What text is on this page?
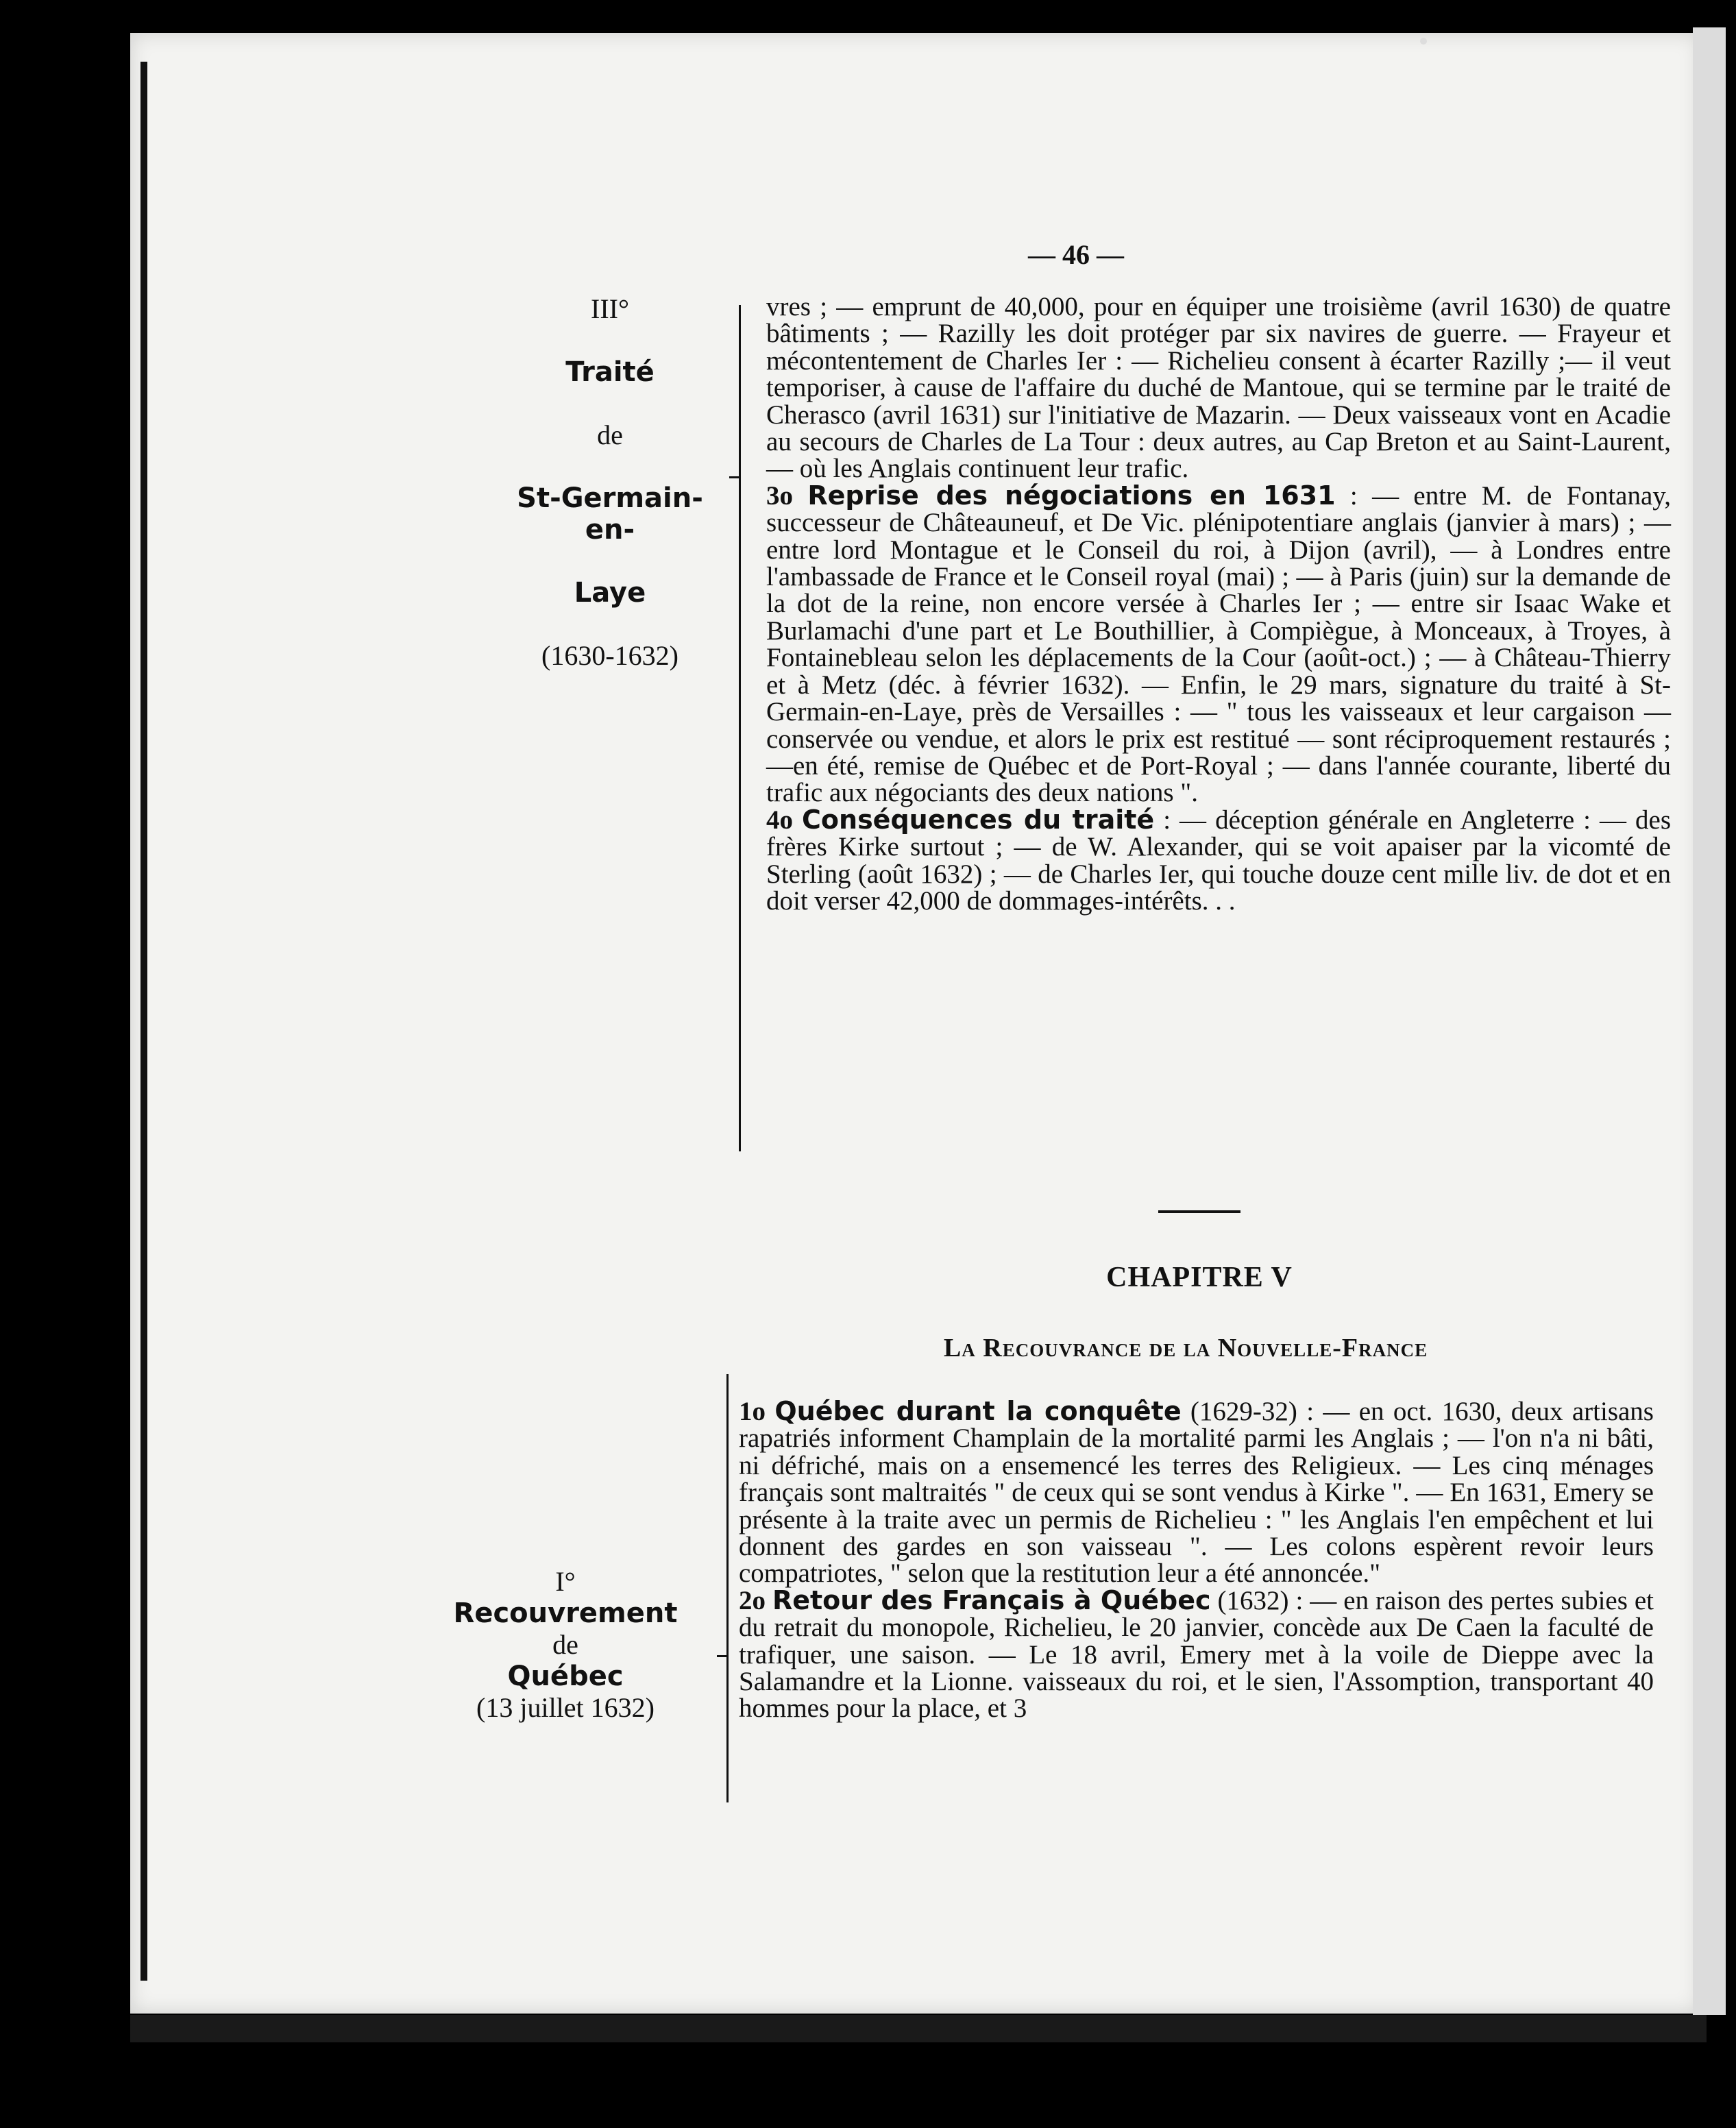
— 46 —
III°
Traité
de
St-Germain-en-
Laye
(1630-1632)

vres ; — emprunt de 40,000, pour en équiper une troisième (avril 1630) de quatre bâtiments ; — Razilly les doit protéger par six navires de guerre. — Frayeur et mécontentement de Charles Ier : — Richelieu consent à écarter Razilly ;— il veut temporiser, à cause de l'affaire du duché de Mantoue, qui se termine par le traité de Cherasco (avril 1631) sur l'initiative de Mazarin. — Deux vaisseaux vont en Acadie au secours de Charles de La Tour : deux autres, au Cap Breton et au Saint-Laurent, — où les Anglais continuent leur trafic.

3o Reprise des négociations en 1631 : — entre M. de Fontanay, successeur de Châteauneuf, et De Vic. plénipotentiare anglais (janvier à mars) ; — entre lord Montague et le Conseil du roi, à Dijon (avril), — à Londres entre l'ambassade de France et le Conseil royal (mai) ; — à Paris (juin) sur la demande de la dot de la reine, non encore versée à Charles Ier ; — entre sir Isaac Wake et Burlamachi d'une part et Le Bouthillier, à Compiègue, à Monceaux, à Troyes, à Fontainebleau selon les déplacements de la Cour (août-oct.) ; — à Château-Thierry et à Metz (déc. à février 1632). — Enfin, le 29 mars, signature du traité à St-Germain-en-Laye, près de Versailles : — " tous les vaisseaux et leur cargaison — conservée ou vendue, et alors le prix est restitué — sont réciproquement restaurés ;—en été, remise de Québec et de Port-Royal ; — dans l'année courante, liberté du trafic aux négociants des deux nations ".

4o Conséquences du traité : — déception générale en Angleterre : — des frères Kirke surtout ; — de W. Alexander, qui se voit apaiser par la vicomté de Sterling (août 1632) ; — de Charles Ier, qui touche douze cent mille liv. de dot et en doit verser 42,000 de dommages-intérêts. . .

CHAPITRE V
La Recouvrance de la Nouvelle-France
I°
Recouvrement
de
Québec
(13 juillet 1632)

1o Québec durant la conquête (1629-32) : — en oct. 1630, deux artisans rapatriés informent Champlain de la mortalité parmi les Anglais ; — l'on n'a ni bâti, ni défriché, mais on a ensemencé les terres des Religieux. — Les cinq ménages français sont maltraités " de ceux qui se sont vendus à Kirke ". — En 1631, Emery se présente à la traite avec un permis de Richelieu : " les Anglais l'en empêchent et lui donnent des gardes en son vaisseau ". — Les colons espèrent revoir leurs compatriotes, " selon que la restitution leur a été annoncée."

2o Retour des Français à Québec (1632) : — en raison des pertes subies et du retrait du monopole, Richelieu, le 20 janvier, concède aux De Caen la faculté de trafiquer, une saison. — Le 18 avril, Emery met à la voile de Dieppe avec la Salamandre et la Lionne. vaisseaux du roi, et le sien, l'Assomption, transportant 40 hommes pour la place, et 3
